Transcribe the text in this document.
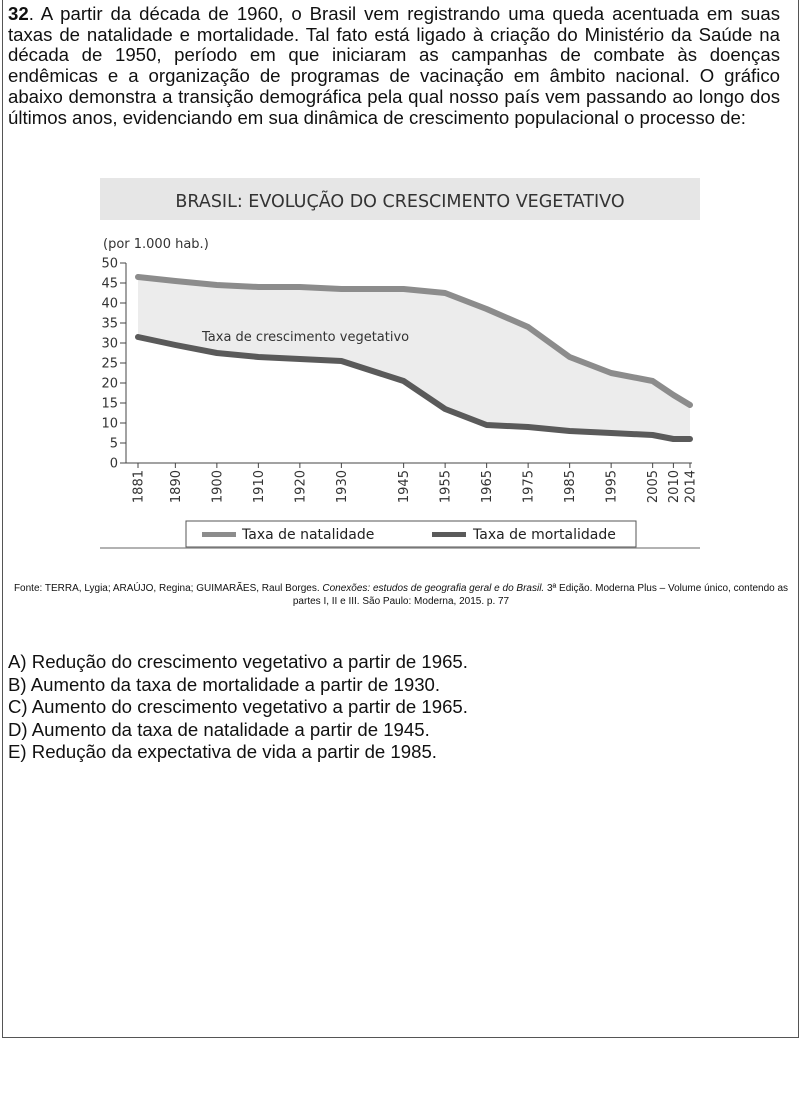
32. A partir da década de 1960, o Brasil vem registrando uma queda acentuada em suas taxas de natalidade e mortalidade. Tal fato está ligado à criação do Ministério da Saúde na década de 1950, período em que iniciaram as campanhas de combate às doenças endêmicas e a organização de programas de vacinação em âmbito nacional. O gráfico abaixo demonstra a transição demográfica pela qual nosso país vem passando ao longo dos últimos anos, evidenciando em sua dinâmica de crescimento populacional o processo de:
BRASIL: EVOLUÇÃO DO CRESCIMENTO VEGETATIVO
(por 1.000 hab.)
Taxa de crescimento vegetativo
0
5
10
15
20
25
30
35
40
45
50
1881 1890 1900 1910 1920 1930	1945 1955 1965 1975 1985 1995 2005 2010 2014
Taxa de natalidade	Taxa de mortalidade
Fonte: TERRA, Lygia; ARAÚJO, Regina; GUIMARÃES, Raul Borges. Conexões: estudos de geografia geral e do Brasil. 3ª Edição. Moderna Plus – Volume único, contendo as partes I, II e III. São Paulo: Moderna, 2015. p. 77
A) Redução do crescimento vegetativo a partir de 1965.
B) Aumento da taxa de mortalidade a partir de 1930.
C) Aumento do crescimento vegetativo a partir de 1965.
D) Aumento da taxa de natalidade a partir de 1945.
E) Redução da expectativa de vida a partir de 1985.
